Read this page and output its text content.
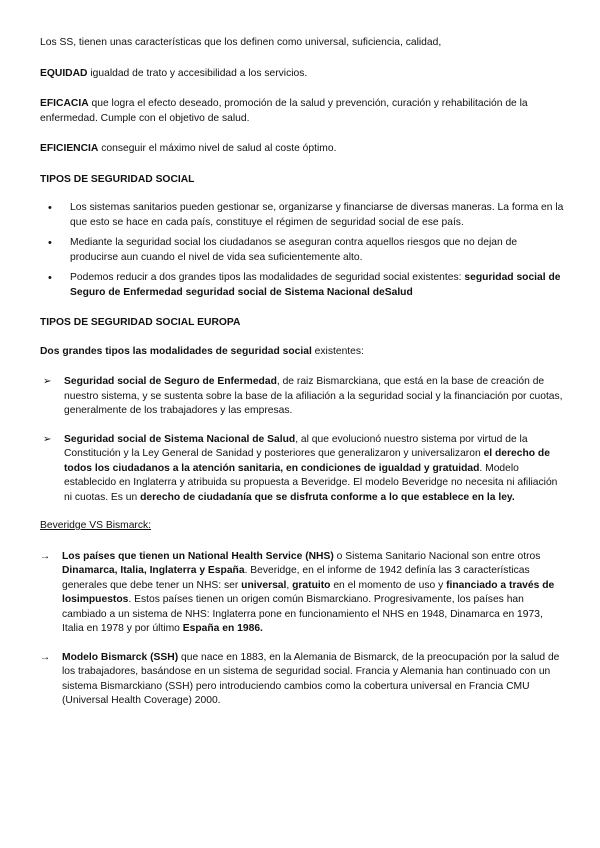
Los SS, tienen unas características que los definen como universal, suficiencia, calidad,

EQUIDAD igualdad de trato y accesibilidad a los servicios.

EFICACIA que logra el efecto deseado, promoción de la salud y prevención, curación y rehabilitación de la enfermedad. Cumple con el objetivo de salud.

EFICIENCIA conseguir el máximo nivel de salud al coste óptimo.

TIPOS DE SEGURIDAD SOCIAL

• Los sistemas sanitarios pueden gestionar se, organizarse y financiarse de diversas maneras. La forma en la que esto se hace en cada país, constituye el régimen de seguridad social de ese país.
• Mediante la seguridad social los ciudadanos se aseguran contra aquellos riesgos que no dejan de producirse aun cuando el nivel de vida sea suficientemente alto.
• Podemos reducir a dos grandes tipos las modalidades de seguridad social existentes: seguridad social de Seguro de Enfermedad seguridad social de Sistema Nacional deSalud

TIPOS DE SEGURIDAD SOCIAL EUROPA

Dos grandes tipos las modalidades de seguridad social existentes:

➢ Seguridad social de Seguro de Enfermedad, de raiz Bismarckiana, que está en la base de creación de nuestro sistema, y se sustenta sobre la base de la afiliación a la seguridad social y la financiación por cuotas, generalmente de los trabajadores y las empresas.
➢ Seguridad social de Sistema Nacional de Salud, al que evolucionó nuestro sistema por virtud de la Constitución y la Ley General de Sanidad y posteriores que generalizaron y universalizaron el derecho de todos los ciudadanos a la atención sanitaria, en condiciones de igualdad y gratuidad. Modelo establecido en Inglaterra y atribuida su propuesta a Beveridge. El modelo Beveridge no necesita ni afiliación ni cuotas. Es un derecho de ciudadanía que se disfruta conforme a lo que establece en la ley.

Beveridge VS Bismarck:

→ Los países que tienen un National Health Service (NHS) o Sistema Sanitario Nacional son entre otros Dinamarca, Italia, Inglaterra y España. Beveridge, en el informe de 1942 definía las 3 características generales que debe tener un NHS: ser universal, gratuito en el momento de uso y financiado a través de losimpuestos. Estos países tienen un origen común Bismarckiano. Progresivamente, los países han cambiado a un sistema de NHS: Inglaterra pone en funcionamiento el NHS en 1948, Dinamarca en 1973, Italia en 1978 y por último España en 1986.

→ Modelo Bismarck (SSH) que nace en 1883, en la Alemania de Bismarck, de la preocupación por la salud de los trabajadores, basándose en un sistema de seguridad social. Francia y Alemania han continuado con un sistema Bismarckiano (SSH) pero introduciendo cambios como la cobertura universal en Francia CMU (Universal Health Coverage) 2000.
